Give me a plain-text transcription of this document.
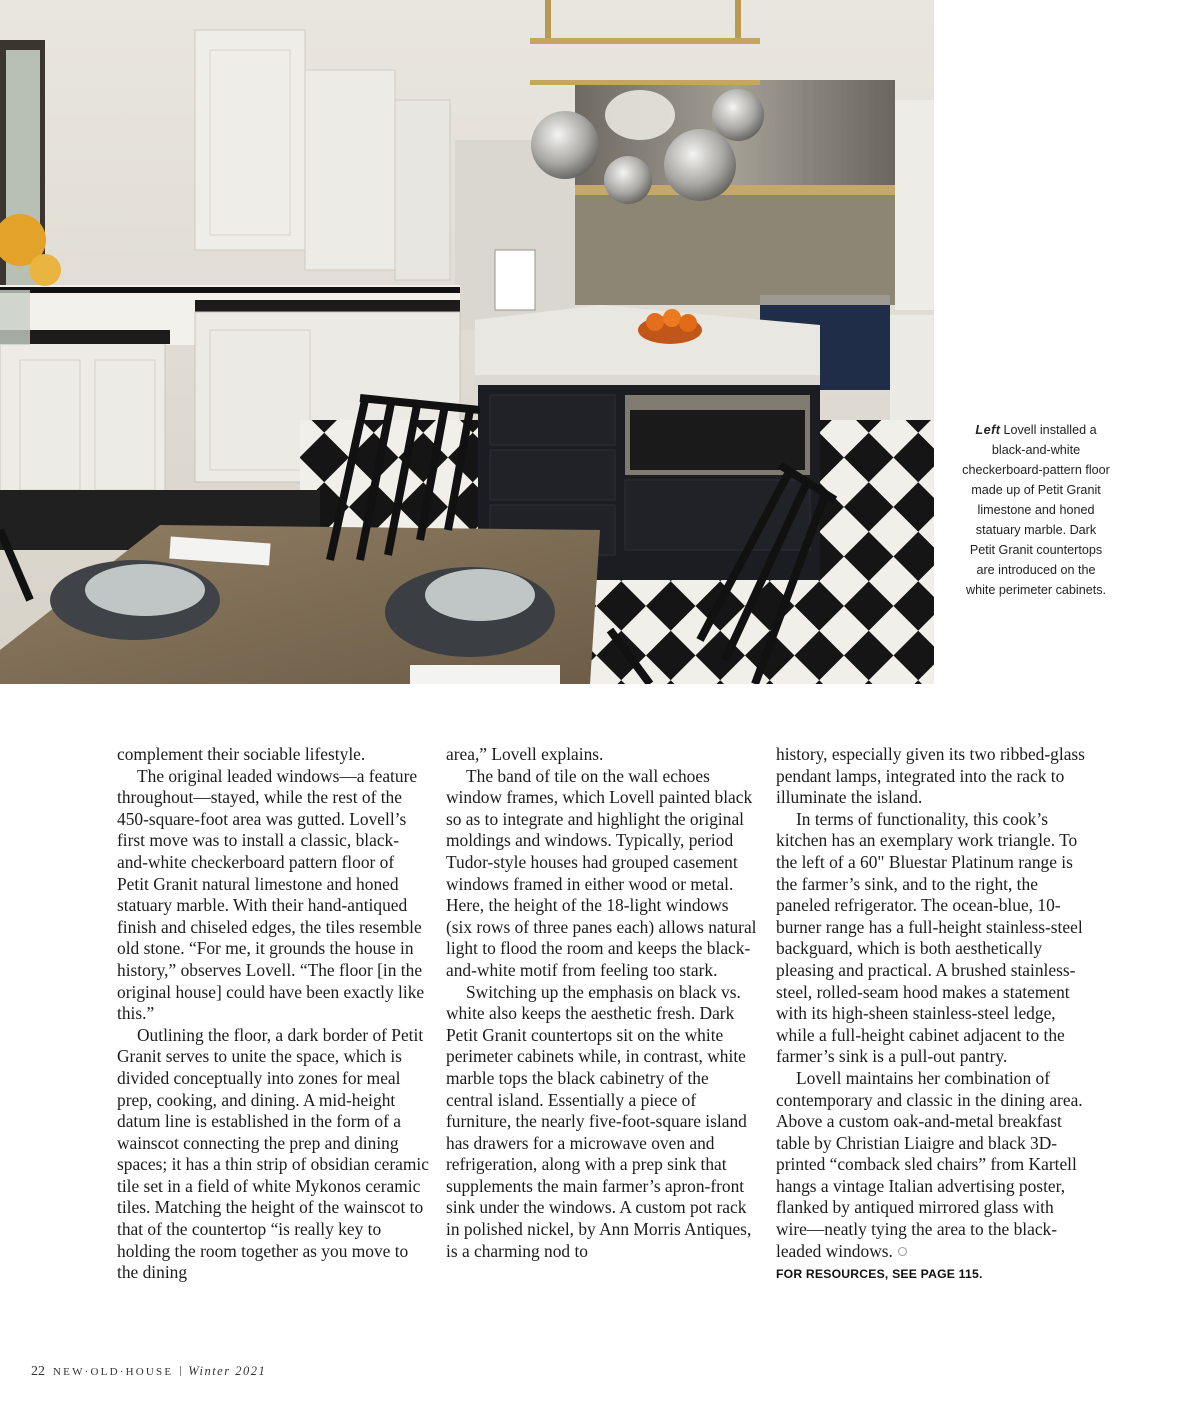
Left Lovell installed a black-and-white checkerboard-pattern floor made up of Petit Granit limestone and honed statuary marble. Dark Petit Granit countertops are introduced on the white perimeter cabinets.

complement their sociable lifestyle.

The original leaded windows—a feature throughout—stayed, while the rest of the 450-square-foot area was gutted. Lovell’s first move was to install a classic, black-and-white checkerboard pattern floor of Petit Granit natural limestone and honed statuary marble. With their hand-antiqued finish and chiseled edges, the tiles resemble old stone. “For me, it grounds the house in history,” observes Lovell. “The floor [in the original house] could have been exactly like this.”

Outlining the floor, a dark border of Petit Granit serves to unite the space, which is divided conceptually into zones for meal prep, cooking, and dining. A mid-height datum line is established in the form of a wainscot connecting the prep and dining spaces; it has a thin strip of obsidian ceramic tile set in a field of white Mykonos ceramic tiles. Matching the height of the wainscot to that of the countertop “is really key to holding the room together as you move to the dining

area,” Lovell explains.

The band of tile on the wall echoes window frames, which Lovell painted black so as to integrate and highlight the original moldings and windows. Typically, period Tudor-style houses had grouped casement windows framed in either wood or metal. Here, the height of the 18-light windows (six rows of three panes each) allows natural light to flood the room and keeps the black-and-white motif from feeling too stark.

Switching up the emphasis on black vs. white also keeps the aesthetic fresh. Dark Petit Granit countertops sit on the white perimeter cabinets while, in contrast, white marble tops the black cabinetry of the central island. Essentially a piece of furniture, the nearly five-foot-square island has drawers for a microwave oven and refrigeration, along with a prep sink that supplements the main farmer’s apron-front sink under the windows. A custom pot rack in polished nickel, by Ann Morris Antiques, is a charming nod to

history, especially given its two ribbed-glass pendant lamps, integrated into the rack to illuminate the island.

In terms of functionality, this cook’s kitchen has an exemplary work triangle. To the left of a 60" Bluestar Platinum range is the farmer’s sink, and to the right, the paneled refrigerator. The ocean-blue, 10-burner range has a full-height stainless-steel backguard, which is both aesthetically pleasing and practical. A brushed stainless-steel, rolled-seam hood makes a statement with its high-sheen stainless-steel ledge, while a full-height cabinet adjacent to the farmer’s sink is a pull-out pantry.

Lovell maintains her combination of contemporary and classic in the dining area. Above a custom oak-and-metal breakfast table by Christian Liaigre and black 3D-printed “comback sled chairs” from Kartell hangs a vintage Italian advertising poster, flanked by antiqued mirrored glass with wire—neatly tying the area to the black-leaded windows.

FOR RESOURCES, SEE PAGE 115.
22 NEW·OLD·HOUSE Winter 2021
